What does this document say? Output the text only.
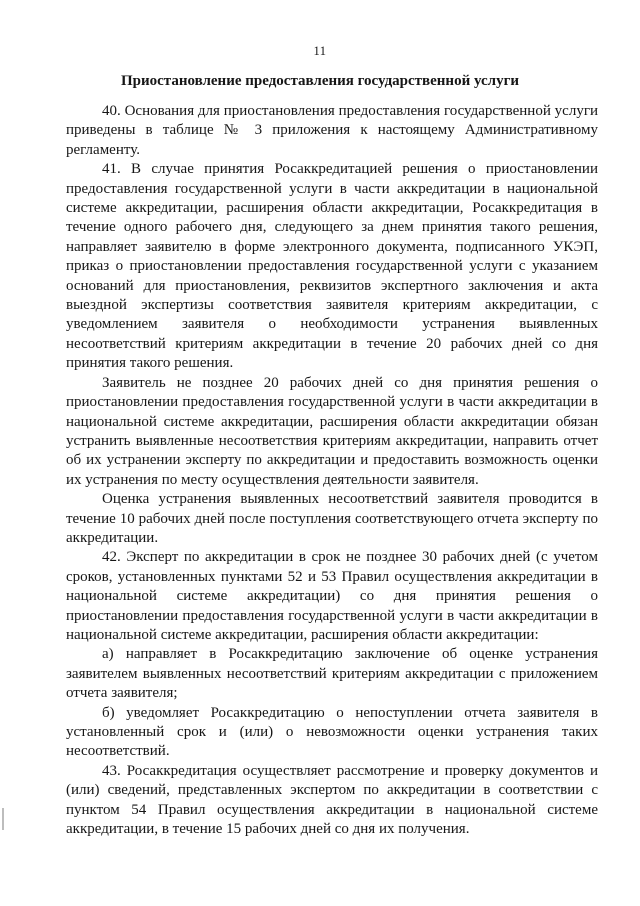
11
Приостановление предоставления государственной услуги

40. Основания для приостановления предоставления государственной услуги приведены в таблице № 3 приложения к настоящему Административному регламенту.

41. В случае принятия Росаккредитацией решения о приостановлении предоставления государственной услуги в части аккредитации в национальной системе аккредитации, расширения области аккредитации, Росаккредитация в течение одного рабочего дня, следующего за днем принятия такого решения, направляет заявителю в форме электронного документа, подписанного УКЭП, приказ о приостановлении предоставления государственной услуги с указанием оснований для приостановления, реквизитов экспертного заключения и акта выездной экспертизы соответствия заявителя критериям аккредитации, с уведомлением заявителя о необходимости устранения выявленных несоответствий критериям аккредитации в течение 20 рабочих дней со дня принятия такого решения.

Заявитель не позднее 20 рабочих дней со дня принятия решения о приостановлении предоставления государственной услуги в части аккредитации в национальной системе аккредитации, расширения области аккредитации обязан устранить выявленные несоответствия критериям аккредитации, направить отчет об их устранении эксперту по аккредитации и предоставить возможность оценки их устранения по месту осуществления деятельности заявителя.

Оценка устранения выявленных несоответствий заявителя проводится в течение 10 рабочих дней после поступления соответствующего отчета эксперту по аккредитации.

42. Эксперт по аккредитации в срок не позднее 30 рабочих дней (с учетом сроков, установленных пунктами 52 и 53 Правил осуществления аккредитации в национальной системе аккредитации) со дня принятия решения о приостановлении предоставления государственной услуги в части аккредитации в национальной системе аккредитации, расширения области аккредитации:

а) направляет в Росаккредитацию заключение об оценке устранения заявителем выявленных несоответствий критериям аккредитации с приложением отчета заявителя;

б) уведомляет Росаккредитацию о непоступлении отчета заявителя в установленный срок и (или) о невозможности оценки устранения таких несоответствий.

43. Росаккредитация осуществляет рассмотрение и проверку документов и (или) сведений, представленных экспертом по аккредитации в соответствии с пунктом 54 Правил осуществления аккредитации в национальной системе аккредитации, в течение 15 рабочих дней со дня их получения.
